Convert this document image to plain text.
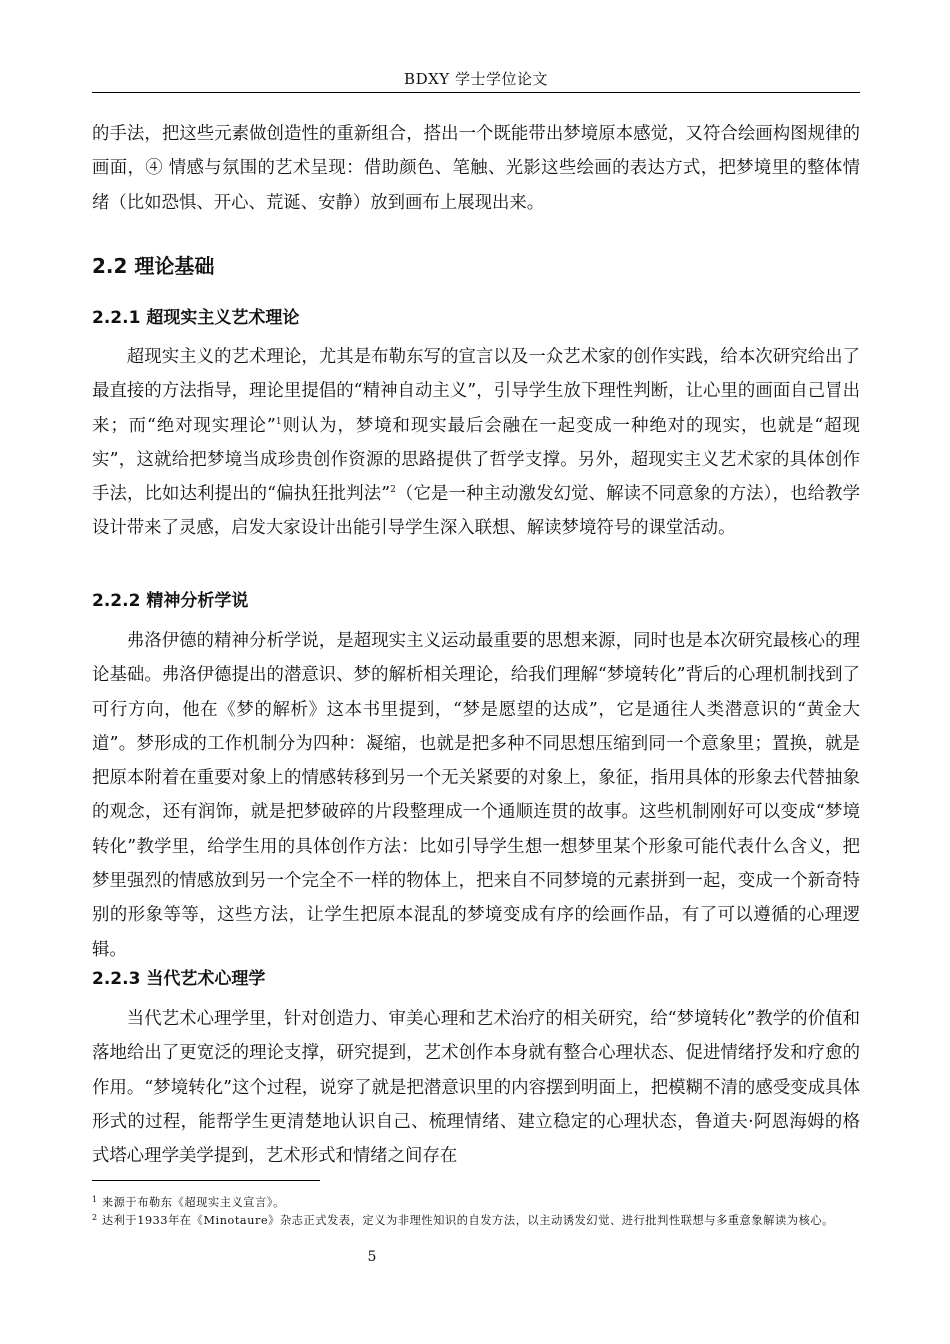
BDXY 学士学位论文

的手法，把这些元素做创造性的重新组合，搭出一个既能带出梦境原本感觉，又符合绘画构图规律的画面，④ 情感与氛围的艺术呈现：借助颜色、笔触、光影这些绘画的表达方式，把梦境里的整体情绪（比如恐惧、开心、荒诞、安静）放到画布上展现出来。

2.2 理论基础
2.2.1 超现实主义艺术理论

超现实主义的艺术理论，尤其是布勒东写的宣言以及一众艺术家的创作实践，给本次研究给出了最直接的方法指导，理论里提倡的“精神自动主义”，引导学生放下理性判断，让心里的画面自己冒出来；而“绝对现实理论”$^1$则认为，梦境和现实最后会融在一起变成一种绝对的现实，也就是“超现实”，这就给把梦境当成珍贵创作资源的思路提供了哲学支撑。另外，超现实主义艺术家的具体创作手法，比如达利提出的“偏执狂批判法”$^2$（它是一种主动激发幻觉、解读不同意象的方法），也给教学设计带来了灵感，启发大家设计出能引导学生深入联想、解读梦境符号的课堂活动。

2.2.2 精神分析学说

弗洛伊德的精神分析学说，是超现实主义运动最重要的思想来源，同时也是本次研究最核心的理论基础。弗洛伊德提出的潜意识、梦的解析相关理论，给我们理解“梦境转化”背后的心理机制找到了可行方向，他在《梦的解析》这本书里提到，“梦是愿望的达成”，它是通往人类潜意识的“黄金大道”。梦形成的工作机制分为四种：凝缩，也就是把多种不同思想压缩到同一个意象里；置换，就是把原本附着在重要对象上的情感转移到另一个无关紧要的对象上，象征，指用具体的形象去代替抽象的观念，还有润饰，就是把梦破碎的片段整理成一个通顺连贯的故事。这些机制刚好可以变成“梦境转化”教学里，给学生用的具体创作方法：比如引导学生想一想梦里某个形象可能代表什么含义，把梦里强烈的情感放到另一个完全不一样的物体上，把来自不同梦境的元素拼到一起，变成一个新奇特别的形象等等，这些方法，让学生把原本混乱的梦境变成有序的绘画作品，有了可以遵循的心理逻辑。

2.2.3 当代艺术心理学

当代艺术心理学里，针对创造力、审美心理和艺术治疗的相关研究，给“梦境转化”教学的价值和落地给出了更宽泛的理论支撑，研究提到，艺术创作本身就有整合心理状态、促进情绪抒发和疗愈的作用。“梦境转化”这个过程，说穿了就是把潜意识里的内容摆到明面上，把模糊不清的感受变成具体形式的过程，能帮学生更清楚地认识自己、梳理情绪、建立稳定的心理状态，鲁道夫·阿恩海姆的格式塔心理学美学提到，艺术形式和情绪之间存在

$^1$ 来源于布勒东《超现实主义宣言》。

$^2$ 达利于1933年在《Minotaure》杂志正式发表，定义为非理性知识的自发方法，以主动诱发幻觉、进行批判性联想与多重意象解读为核心。

5
